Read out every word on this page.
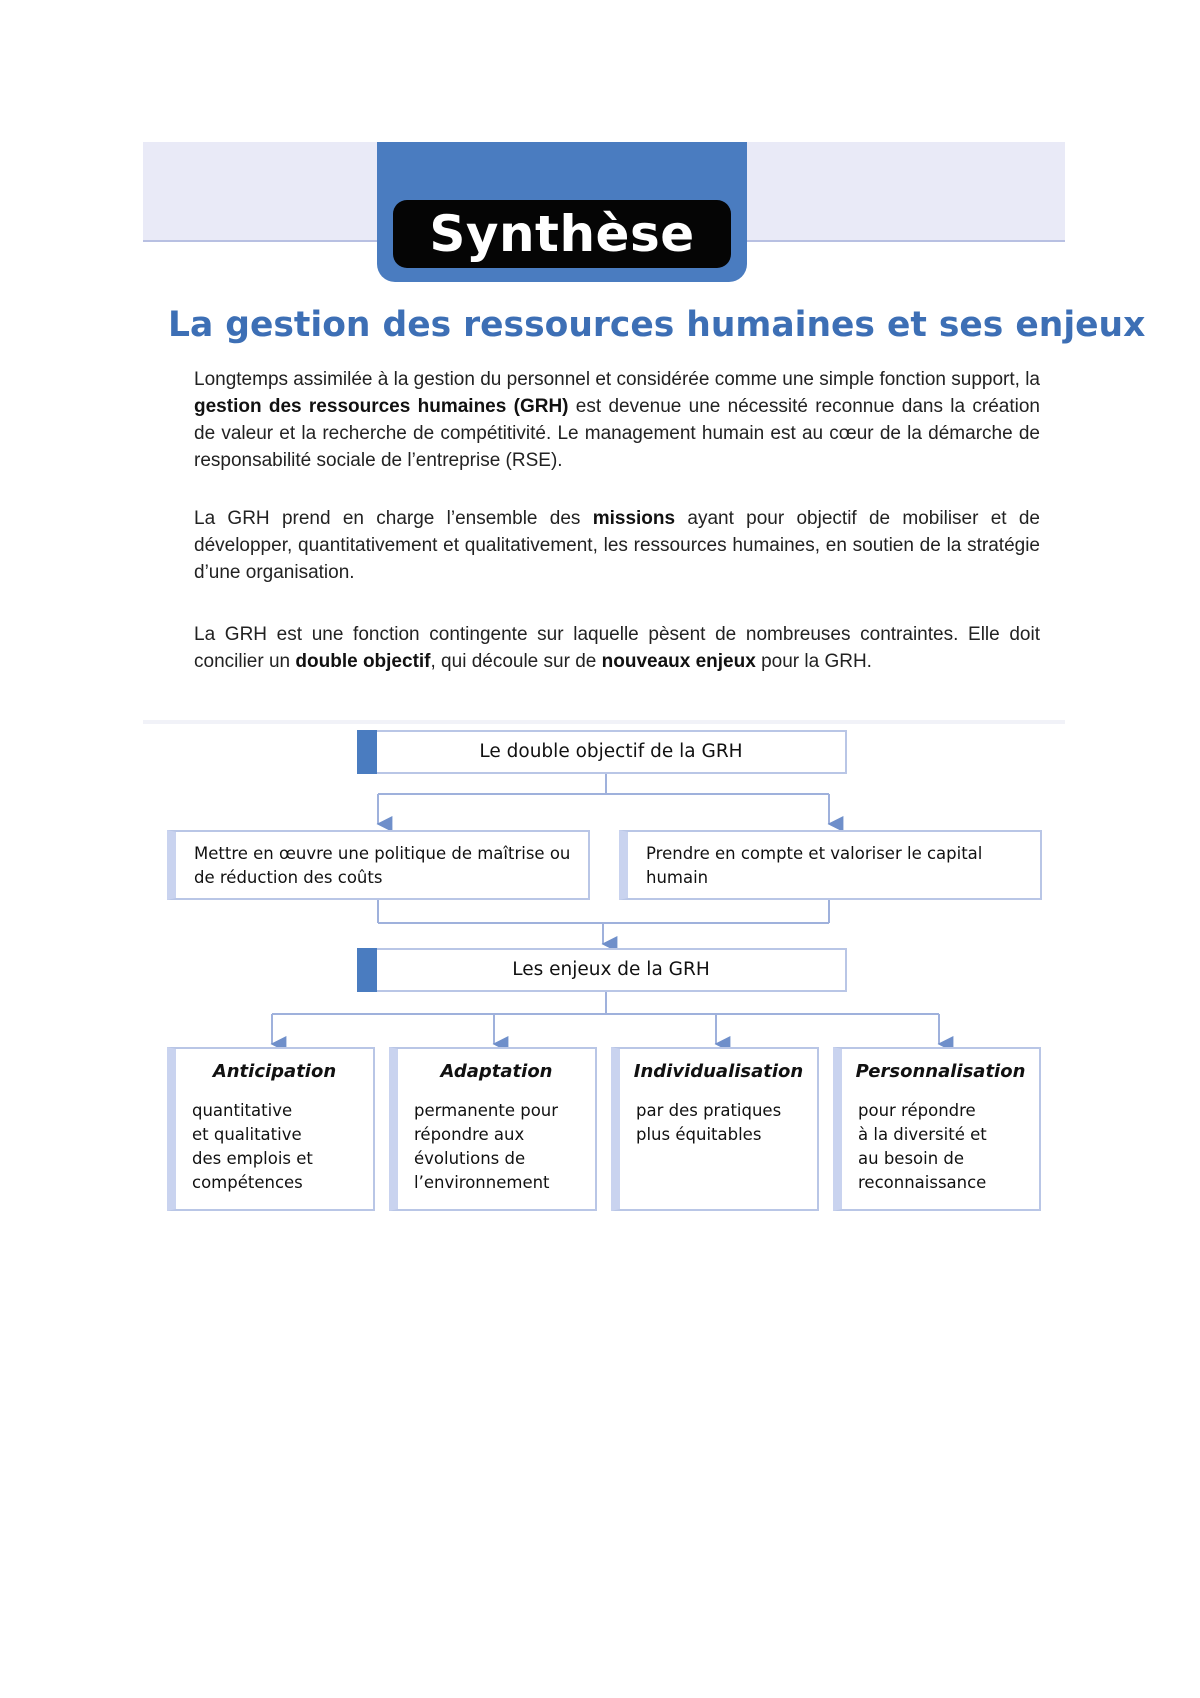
Synthèse
La gestion des ressources humaines et ses enjeux
Longtemps assimilée à la gestion du personnel et considérée comme une simple fonction support, la gestion des ressources humaines (GRH) est devenue une nécessité reconnue dans la création de valeur et la recherche de compétitivité. Le management humain est au cœur de la démarche de responsabilité sociale de l’entreprise (RSE).
La GRH prend en charge l’ensemble des missions ayant pour objectif de mobiliser et de développer, quantitativement et qualitativement, les ressources humaines, en soutien de la stratégie d’une organisation.
La GRH est une fonction contingente sur laquelle pèsent de nombreuses contraintes. Elle doit concilier un double objectif, qui découle sur de nouveaux enjeux pour la GRH.
Le double objectif de la GRH
Mettre en œuvre une politique de maîtrise ou de réduction des coûts
Prendre en compte et valoriser le capital humain
Les enjeux de la GRH
Anticipation
quantitative
et qualitative
des emplois et
compétences
Adaptation
permanente pour
répondre aux
évolutions de
l’environnement
Individualisation
par des pratiques
plus équitables
Personnalisation
pour répondre
à la diversité et
au besoin de
reconnaissance
